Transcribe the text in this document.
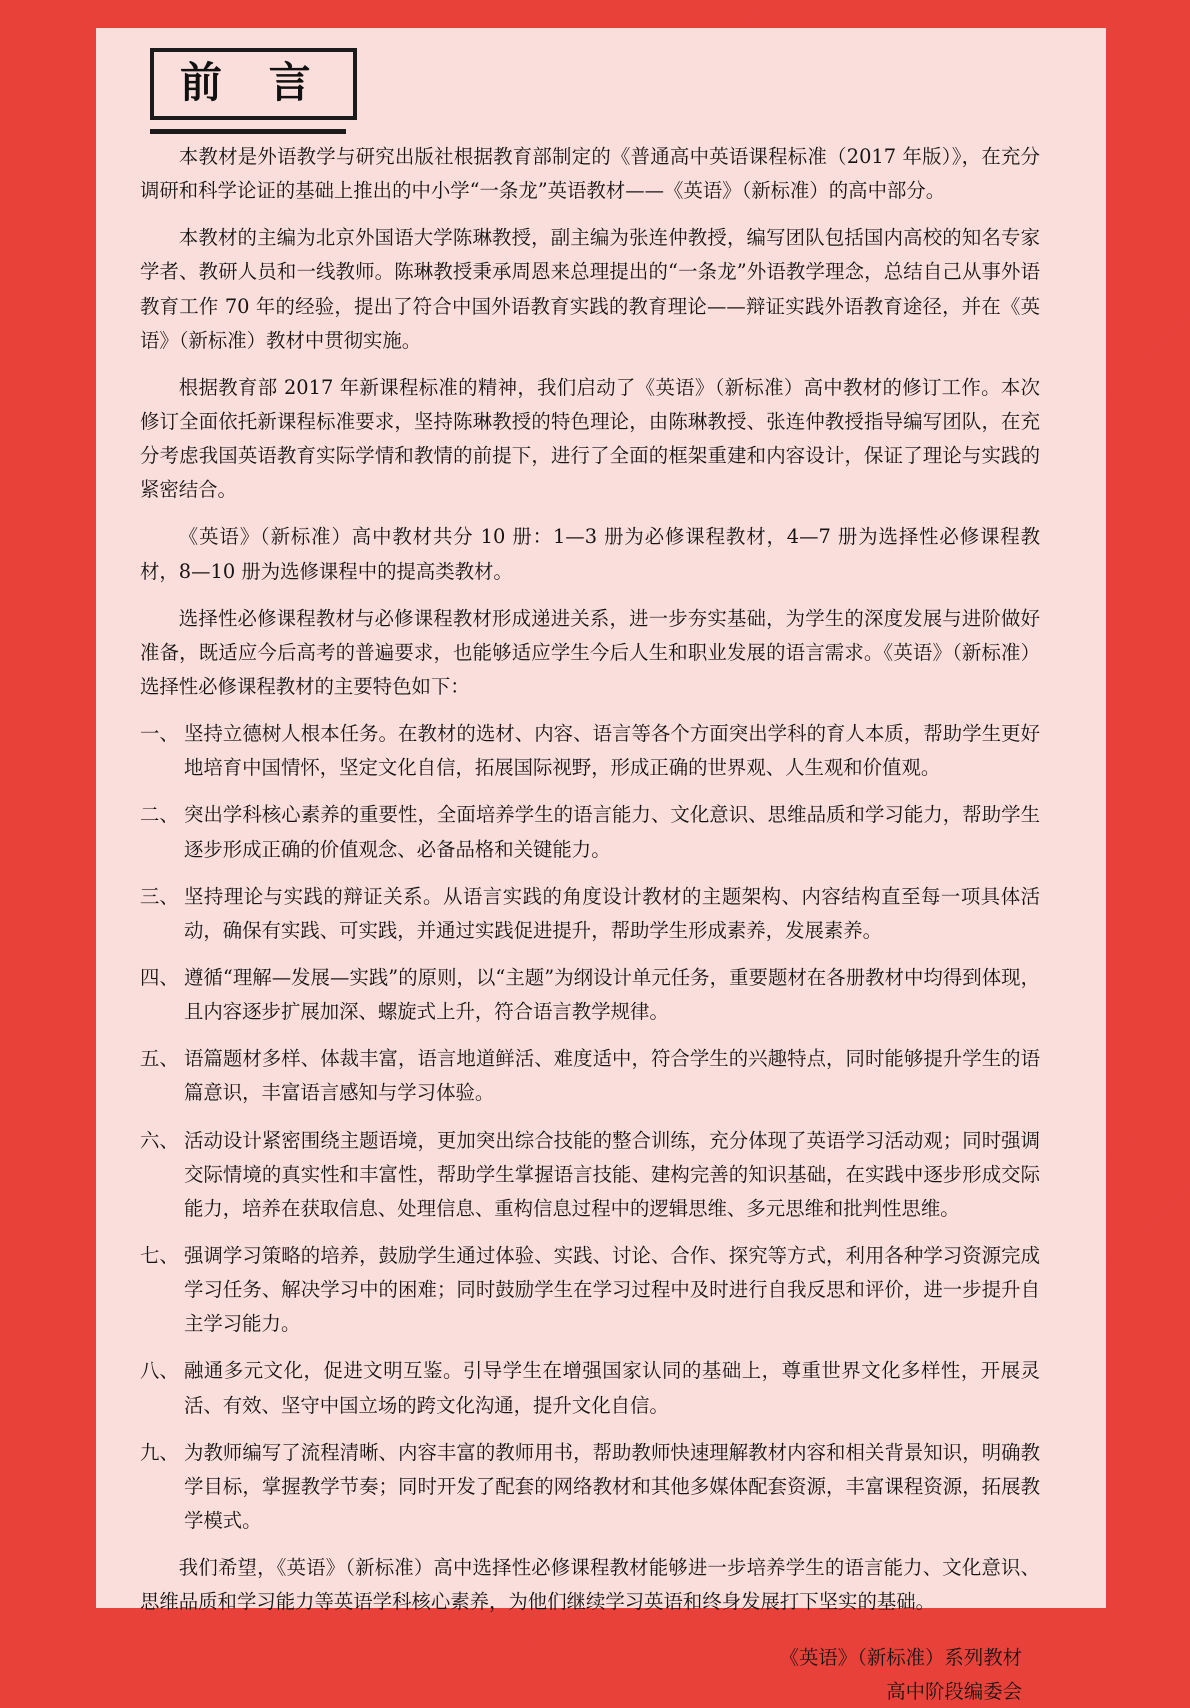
前 言

本教材是外语教学与研究出版社根据教育部制定的《普通高中英语课程标准（2017 年版）》，在充分调研和科学论证的基础上推出的中小学“一条龙”英语教材——《英语》（新标准）的高中部分。

本教材的主编为北京外国语大学陈琳教授，副主编为张连仲教授，编写团队包括国内高校的知名专家学者、教研人员和一线教师。陈琳教授秉承周恩来总理提出的“一条龙”外语教学理念，总结自己从事外语教育工作 70 年的经验，提出了符合中国外语教育实践的教育理论——辩证实践外语教育途径，并在《英语》（新标准）教材中贯彻实施。

根据教育部 2017 年新课程标准的精神，我们启动了《英语》（新标准）高中教材的修订工作。本次修订全面依托新课程标准要求，坚持陈琳教授的特色理论，由陈琳教授、张连仲教授指导编写团队，在充分考虑我国英语教育实际学情和教情的前提下，进行了全面的框架重建和内容设计，保证了理论与实践的紧密结合。

《英语》（新标准）高中教材共分 10 册：1—3 册为必修课程教材，4—7 册为选择性必修课程教材，8—10 册为选修课程中的提高类教材。

选择性必修课程教材与必修课程教材形成递进关系，进一步夯实基础，为学生的深度发展与进阶做好准备，既适应今后高考的普遍要求，也能够适应学生今后人生和职业发展的语言需求。《英语》（新标准）选择性必修课程教材的主要特色如下：

一、 坚持立德树人根本任务。在教材的选材、内容、语言等各个方面突出学科的育人本质，帮助学生更好地培育中国情怀，坚定文化自信，拓展国际视野，形成正确的世界观、人生观和价值观。
二、 突出学科核心素养的重要性，全面培养学生的语言能力、文化意识、思维品质和学习能力，帮助学生逐步形成正确的价值观念、必备品格和关键能力。
三、 坚持理论与实践的辩证关系。从语言实践的角度设计教材的主题架构、内容结构直至每一项具体活动，确保有实践、可实践，并通过实践促进提升，帮助学生形成素养，发展素养。
四、 遵循“理解—发展—实践”的原则，以“主题”为纲设计单元任务，重要题材在各册教材中均得到体现，且内容逐步扩展加深、螺旋式上升，符合语言教学规律。
五、 语篇题材多样、体裁丰富，语言地道鲜活、难度适中，符合学生的兴趣特点，同时能够提升学生的语篇意识，丰富语言感知与学习体验。
六、 活动设计紧密围绕主题语境，更加突出综合技能的整合训练，充分体现了英语学习活动观；同时强调交际情境的真实性和丰富性，帮助学生掌握语言技能、建构完善的知识基础，在实践中逐步形成交际能力，培养在获取信息、处理信息、重构信息过程中的逻辑思维、多元思维和批判性思维。
七、 强调学习策略的培养，鼓励学生通过体验、实践、讨论、合作、探究等方式，利用各种学习资源完成学习任务、解决学习中的困难；同时鼓励学生在学习过程中及时进行自我反思和评价，进一步提升自主学习能力。
八、 融通多元文化，促进文明互鉴。引导学生在增强国家认同的基础上，尊重世界文化多样性，开展灵活、有效、坚守中国立场的跨文化沟通，提升文化自信。
九、 为教师编写了流程清晰、内容丰富的教师用书，帮助教师快速理解教材内容和相关背景知识，明确教学目标，掌握教学节奏；同时开发了配套的网络教材和其他多媒体配套资源，丰富课程资源，拓展教学模式。

我们希望，《英语》（新标准）高中选择性必修课程教材能够进一步培养学生的语言能力、文化意识、思维品质和学习能力等英语学科核心素养，为他们继续学习英语和终身发展打下坚实的基础。

《英语》（新标准）系列教材
高中阶段编委会
